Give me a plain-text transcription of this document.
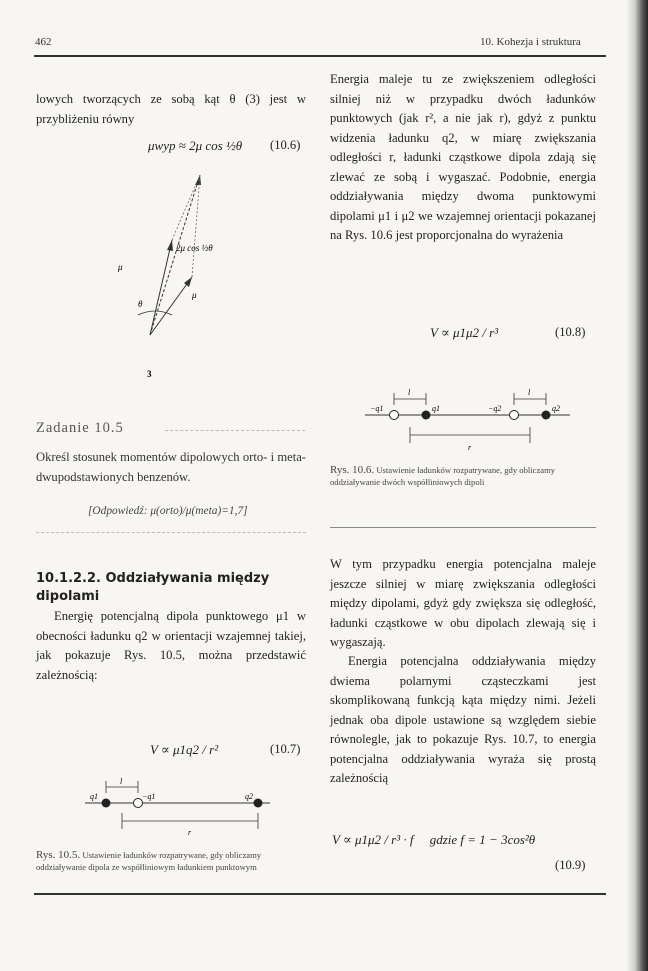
462	10. Kohezja i struktura
lowych tworzących ze sobą kąt θ (3) jest w przybliżeniu równy
μwyp ≈ 2μ cos ½θ (10.6)
μ
μ
2μ cos ½θ
θ
3
Zadanie 10.5
Określ stosunek momentów dipolowych orto- i meta-dwupodstawionych benzenów.
[Odpowiedź: μ(orto)/μ(meta)=1,7]
10.1.2.2. Oddziaływania między dipolami
Energię potencjalną dipola punktowego μ1 w obecności ładunku q2 w orientacji wzajemnej takiej, jak pokazuje Rys. 10.5, można przedstawić zależnością:
V ∝ μ1q2 / r²	(10.7)
q1	−q1	q2
l
r
Rys. 10.5. Ustawienie ładunków rozpatrywane, gdy obliczamy oddziaływanie dipola ze współliniowym ładunkiem punktowym
Energia maleje tu ze zwiększeniem odległości silniej niż w przypadku dwóch ładunków punktowych (jak r², a nie jak r), gdyż z punktu widzenia ładunku q2, w miarę zwiększania odległości r, ładunki cząstkowe dipola zdają się zlewać ze sobą i wygaszać. Podobnie, energia oddziaływania między dwoma punktowymi dipolami μ1 i μ2 we wzajemnej orientacji pokazanej na Rys. 10.6 jest proporcjonalna do wyrażenia
V ∝ μ1μ2 / r³	(10.8)
−q1	q1	−q2	q2
l	l
r
Rys. 10.6. Ustawienie ładunków rozpatrywane, gdy obliczamy oddziaływanie dwóch współliniowych dipoli
W tym przypadku energia potencjalna maleje jeszcze silniej w miarę zwiększania odległości między dipolami, gdyż gdy zwiększa się odległość, ładunki cząstkowe w obu dipolach zlewają się i wygaszają.
Energia potencjalna oddziaływania między dwiema polarnymi cząsteczkami jest skomplikowaną funkcją kąta między nimi. Jeżeli jednak oba dipole ustawione są względem siebie równolegle, jak to pokazuje Rys. 10.7, to energia potencjalna oddziaływania wyraża się prostą zależnością
V ∝ μ1μ2 / r³ · f     gdzie f = 1 − 3cos²θ
(10.9)
